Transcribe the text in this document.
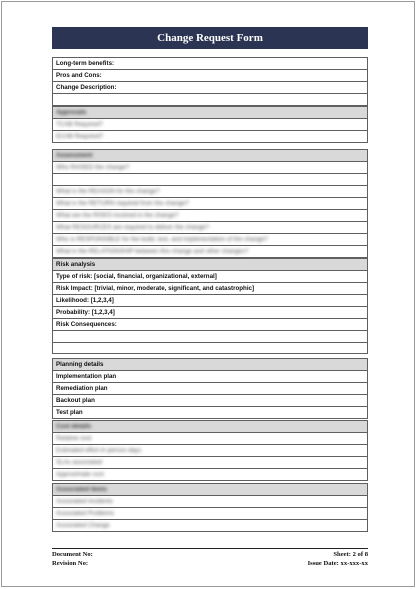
Change Request Form
Long-term benefits:
Pros and Cons:
Change Description:

Approvals
TCAB Required?
ECAB Required?
Assessment
Who RAISED the change?

What is the REASON for the change?
What is the RETURN required from the change?
What are the RISKS involved in the change?
What RESOURCES are required to deliver the change?
Who is RESPONSIBLE for the build, test, and implementation of the change?
What is the RELATIONSHIP between this change and other changes?
Risk analysis
Type of risk: [social, financial, organizational, external]
Risk Impact: [trivial, minor, moderate, significant, and catastrophic]
Likelihood: [1,2,3,4]
Probability: [1,2,3,4]
Risk Consequences:

Planning details
Implementation plan
Remediation plan
Backout plan
Test plan
Cost details
Relative cost
Estimated effort in person days
SLAs associated
Approximate cost
Associated items
Associated Incidents
Associated Problems
Associated Change
Document No:	Sheet: 2 of 8
Revision No:	Issue Date: xx-xxx-xx
